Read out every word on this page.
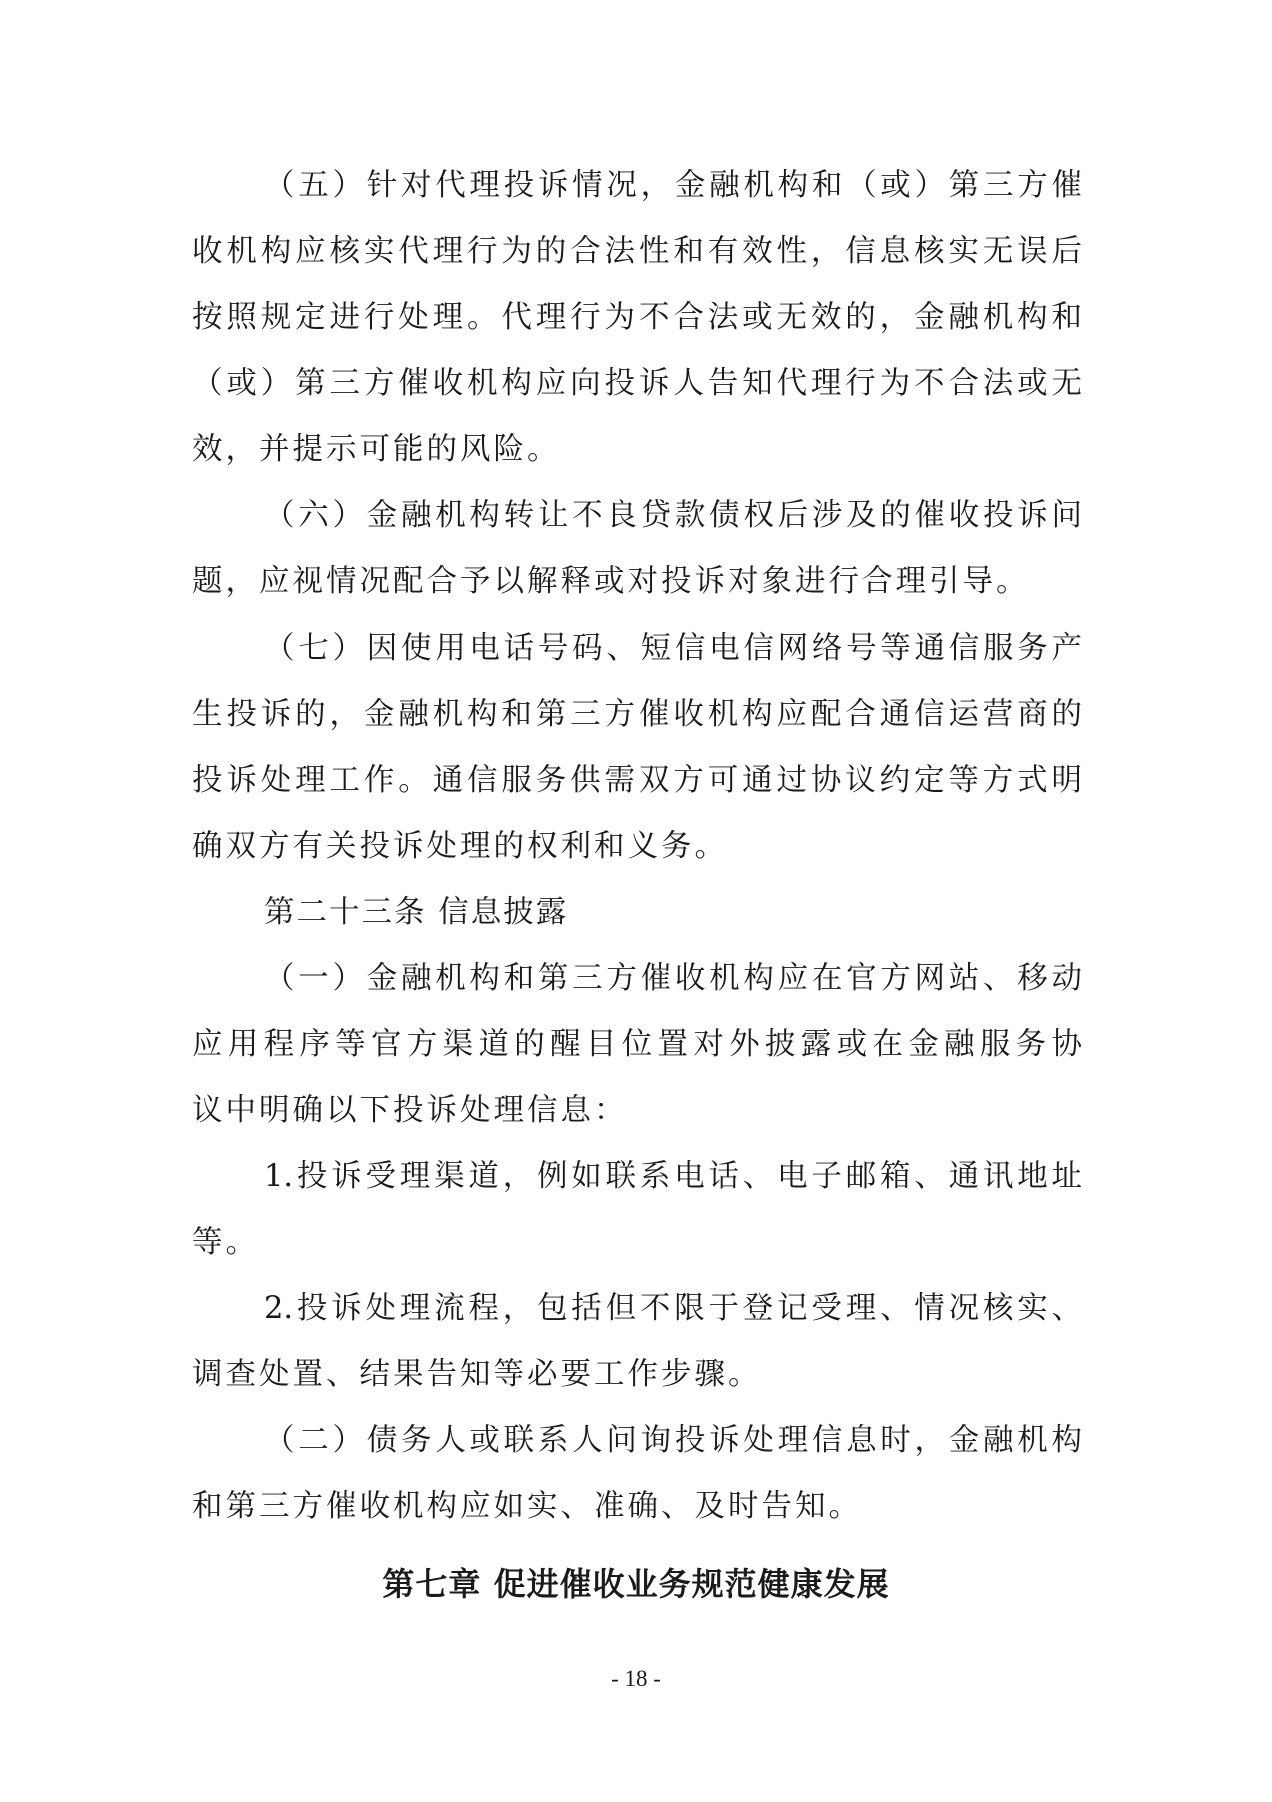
（五）针对代理投诉情况，金融机构和（或）第三方催
收机构应核实代理行为的合法性和有效性，信息核实无误后
按照规定进行处理。代理行为不合法或无效的，金融机构和
（或）第三方催收机构应向投诉人告知代理行为不合法或无
效，并提示可能的风险。
（六）金融机构转让不良贷款债权后涉及的催收投诉问
题，应视情况配合予以解释或对投诉对象进行合理引导。
（七）因使用电话号码、短信电信网络号等通信服务产
生投诉的，金融机构和第三方催收机构应配合通信运营商的
投诉处理工作。通信服务供需双方可通过协议约定等方式明
确双方有关投诉处理的权利和义务。
第二十三条 信息披露
（一）金融机构和第三方催收机构应在官方网站、移动
应用程序等官方渠道的醒目位置对外披露或在金融服务协
议中明确以下投诉处理信息：
1.投诉受理渠道，例如联系电话、电子邮箱、通讯地址
等。
2.投诉处理流程，包括但不限于登记受理、情况核实、
调查处置、结果告知等必要工作步骤。
（二）债务人或联系人问询投诉处理信息时，金融机构
和第三方催收机构应如实、准确、及时告知。
第七章 促进催收业务规范健康发展
- 18 -
